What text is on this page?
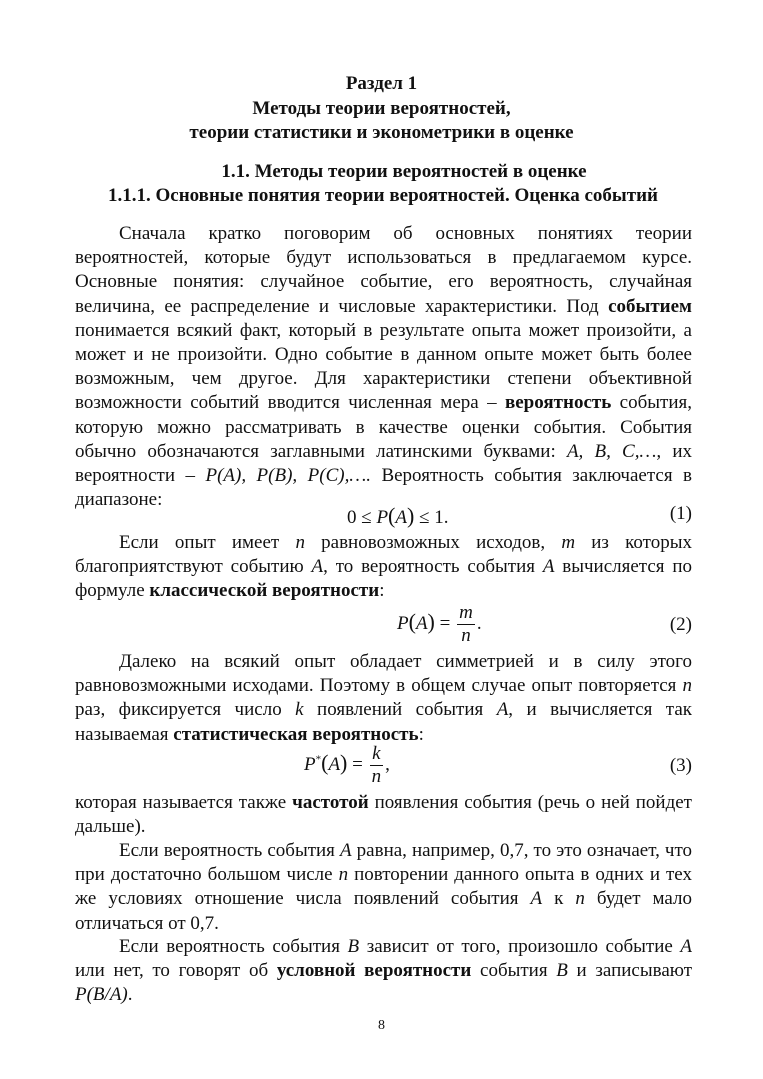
Раздел 1
Методы теории вероятностей,
теории статистики и эконометрики в оценке
1.1. Методы теории вероятностей в оценке
1.1.1. Основные понятия теории вероятностей. Оценка событий

Сначала кратко поговорим об основных понятиях теории вероятностей, которые будут использоваться в предлагаемом курсе. Основные понятия: случайное событие, его вероятность, случайная величина, ее распределение и числовые характеристики. Под событием понимается всякий факт, который в результате опыта может произойти, а может и не произойти. Одно событие в данном опыте может быть более возможным, чем другое. Для характеристики степени объективной возможности событий вводится численная мера – вероятность события, которую можно рассматривать в качестве оценки события. События обычно обозначаются заглавными латинскими буквами: A, B, C,…, их вероятности – P(A), P(B), P(C),…. Вероятность события заключается в диапазоне:

0 ≤ P(A) ≤ 1.	(1)

Если опыт имеет n равновозможных исходов, m из которых благоприятствуют событию A, то вероятность события A вычисляется по формуле классической вероятности:

$P(A) = \frac{m}{n}$ .	(2)

Далеко на всякий опыт обладает симметрией и в силу этого равновозможными исходами. Поэтому в общем случае опыт повторяется n раз, фиксируется число k появлений события A, и вычисляется так называемая статистическая вероятность:

$P^*(A) = \frac{k}{n}$ ,	(3)

которая называется также частотой появления события (речь о ней пойдет дальше).

Если вероятность события A равна, например, 0,7, то это означает, что при достаточно большом числе n повторении данного опыта в одних и тех же условиях отношение числа появлений события A к n будет мало отличаться от 0,7.

Если вероятность события B зависит от того, произошло событие A или нет, то говорят об условной вероятности события B и записывают P(B/A).

8
